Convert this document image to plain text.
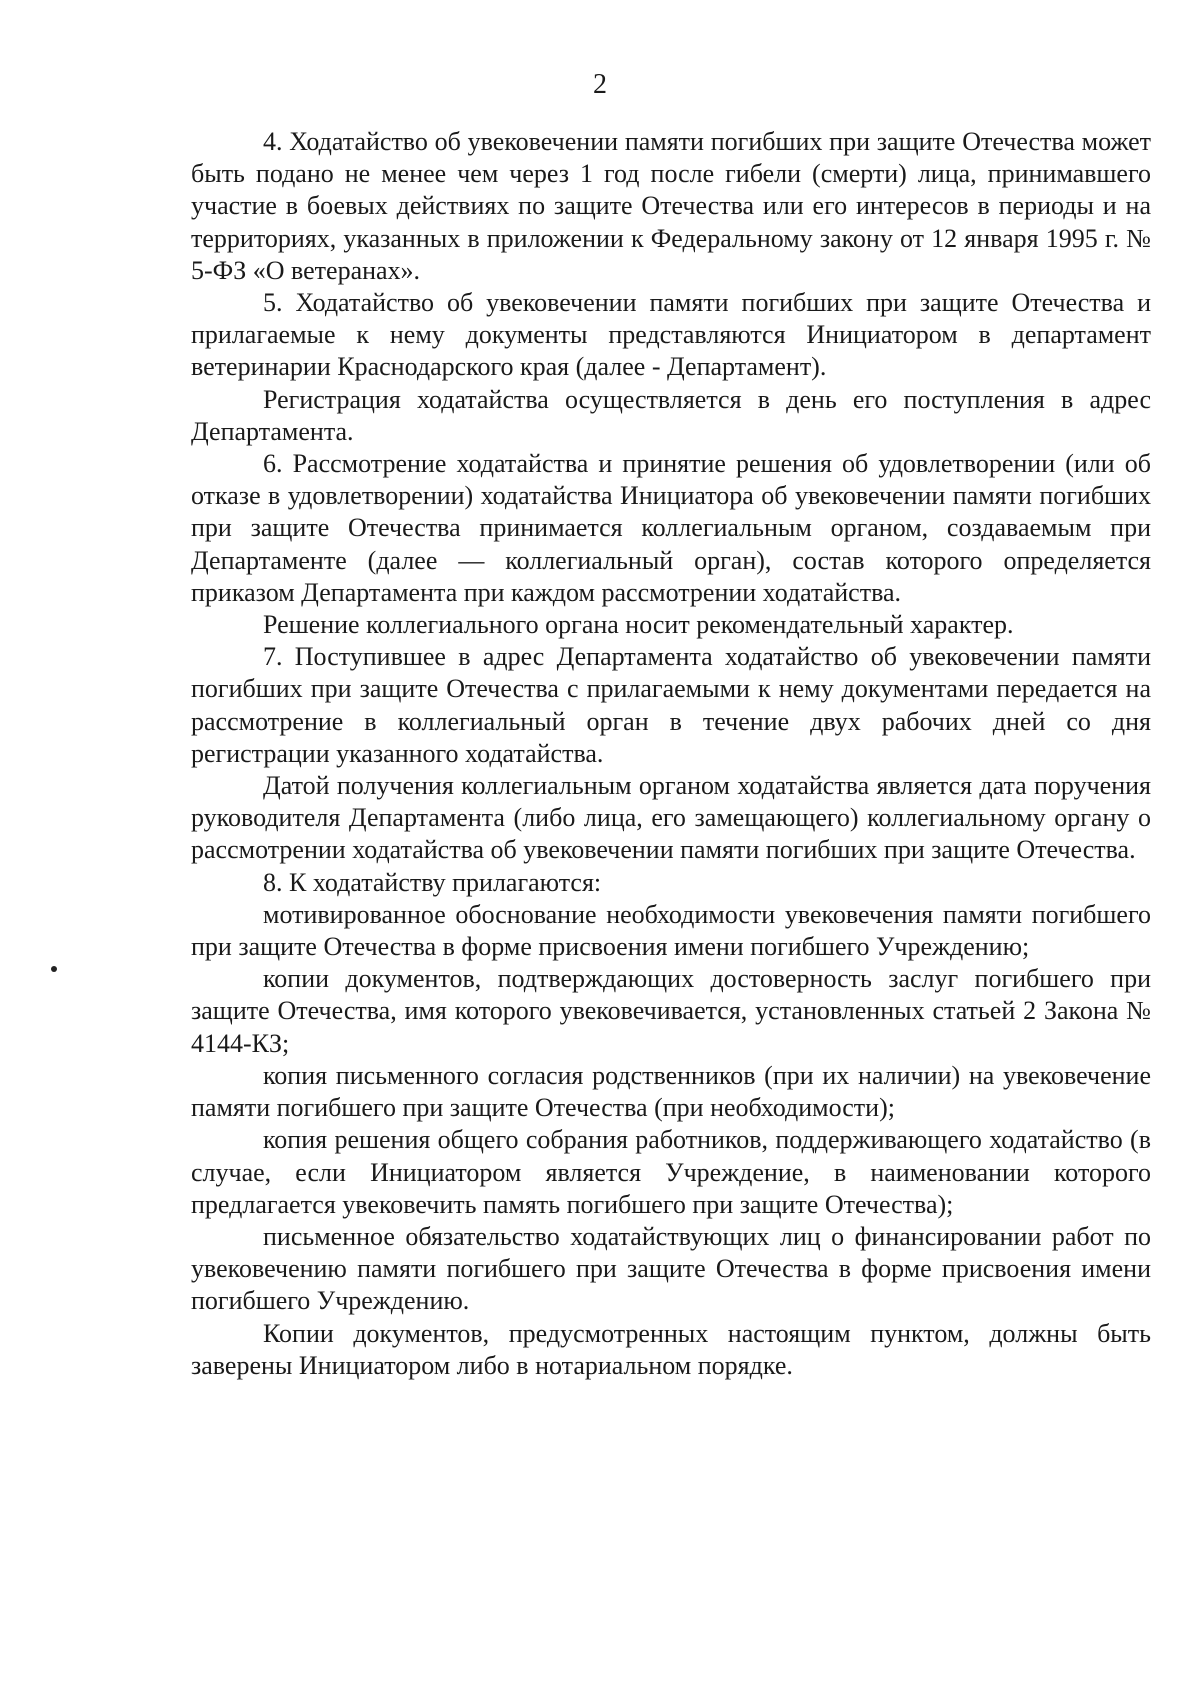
2

4. Ходатайство об увековечении памяти погибших при защите Отечества может быть подано не менее чем через 1 год после гибели (смерти) лица, принимавшего участие в боевых действиях по защите Отечества или его интересов в периоды и на территориях, указанных в приложении к Федеральному закону от 12 января 1995 г. № 5-ФЗ «О ветеранах».

5. Ходатайство об увековечении памяти погибших при защите Отечества и прилагаемые к нему документы представляются Инициатором в департамент ветеринарии Краснодарского края (далее - Департамент).

Регистрация ходатайства осуществляется в день его поступления в адрес Департамента.

6. Рассмотрение ходатайства и принятие решения об удовлетворении (или об отказе в удовлетворении) ходатайства Инициатора об увековечении памяти погибших при защите Отечества принимается коллегиальным органом, создаваемым при Департаменте (далее — коллегиальный орган), состав которого определяется приказом Департамента при каждом рассмотрении ходатайства.

Решение коллегиального органа носит рекомендательный характер.

7. Поступившее в адрес Департамента ходатайство об увековечении памяти погибших при защите Отечества с прилагаемыми к нему документами передается на рассмотрение в коллегиальный орган в течение двух рабочих дней со дня регистрации указанного ходатайства.

Датой получения коллегиальным органом ходатайства является дата поручения руководителя Департамента (либо лица, его замещающего) коллегиальному органу о рассмотрении ходатайства об увековечении памяти погибших при защите Отечества.

8. К ходатайству прилагаются:

мотивированное обоснование необходимости увековечения памяти погибшего при защите Отечества в форме присвоения имени погибшего Учреждению;

копии документов, подтверждающих достоверность заслуг погибшего при защите Отечества, имя которого увековечивается, установленных статьей 2 Закона № 4144-КЗ;

копия письменного согласия родственников (при их наличии) на увековечение памяти погибшего при защите Отечества (при необходимости);

копия решения общего собрания работников, поддерживающего ходатайство (в случае, если Инициатором является Учреждение, в наименовании которого предлагается увековечить память погибшего при защите Отечества);

письменное обязательство ходатайствующих лиц о финансировании работ по увековечению памяти погибшего при защите Отечества в форме присвоения имени погибшего Учреждению.

Копии документов, предусмотренных настоящим пунктом, должны быть заверены Инициатором либо в нотариальном порядке.
